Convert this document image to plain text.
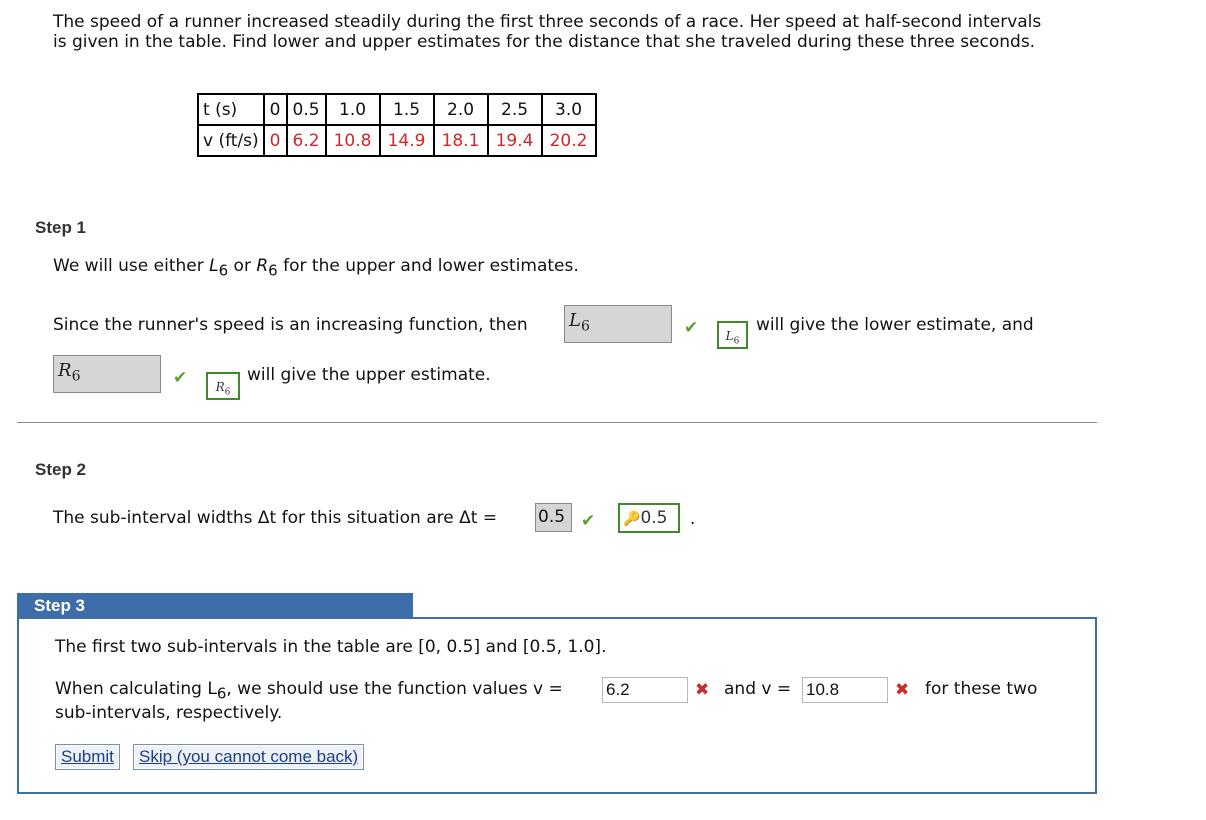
The speed of a runner increased steadily during the first three seconds of a race. Her speed at half-second intervals is given in the table. Find lower and upper estimates for the distance that she traveled during these three seconds.
t (s)	0	0.5	1.0	1.5	2.0	2.5	3.0
v (ft/s)	0	6.2	10.8	14.9	18.1	19.4	20.2
Step 1
We will use either $L_6$ or $R_6$ for the upper and lower estimates.
Since the runner's speed is an increasing function, then $L_6$	✔	$L_6$
will give the lower estimate, and
$R_6$	✔	$R_6$
will give the upper estimate.
Step 2
The sub-interval widths Δt for this situation are Δt = 0.5 ✔	🔑0.5	.
Step 3
The first two sub-intervals in the table are [0, 0.5] and [0.5, 1.0].
When calculating $L_6$, we should use the function values v =	6.2	✖ and v = 10.8	✖ for these two
sub-intervals, respectively.
Submit	Skip (you cannot come back)
